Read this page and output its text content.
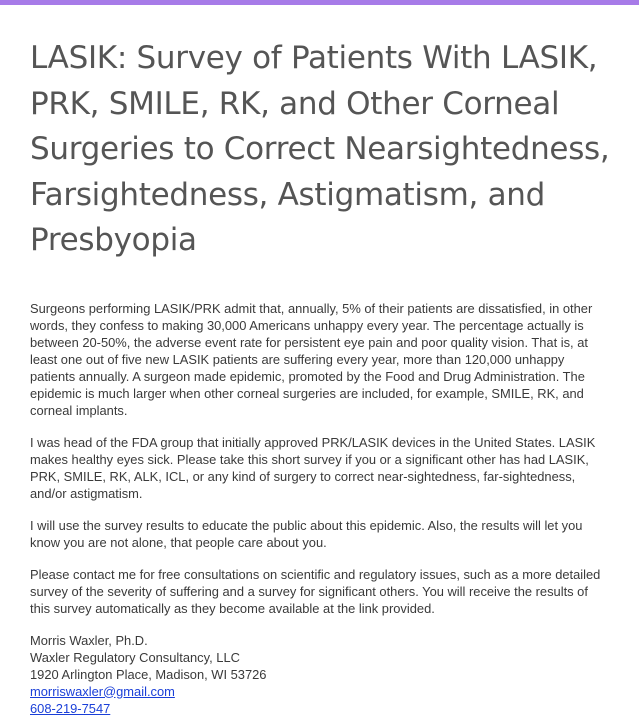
LASIK: Survey of Patients With LASIK, PRK, SMILE, RK, and Other Corneal Surgeries to Correct Nearsightedness, Farsightedness, Astigmatism, and Presbyopia

Surgeons performing LASIK/PRK admit that, annually, 5% of their patients are dissatisfied, in other words, they confess to making 30,000 Americans unhappy every year. The percentage actually is between 20-50%, the adverse event rate for persistent eye pain and poor quality vision. That is, at least one out of five new LASIK patients are suffering every year, more than 120,000 unhappy patients annually. A surgeon made epidemic, promoted by the Food and Drug Administration. The epidemic is much larger when other corneal surgeries are included, for example, SMILE, RK, and corneal implants.

I was head of the FDA group that initially approved PRK/LASIK devices in the United States. LASIK makes healthy eyes sick. Please take this short survey if you or a significant other has had LASIK, PRK, SMILE, RK, ALK, ICL, or any kind of surgery to correct near-sightedness, far-sightedness, and/or astigmatism.

I will use the survey results to educate the public about this epidemic. Also, the results will let you know you are not alone, that people care about you.

Please contact me for free consultations on scientific and regulatory issues, such as a more detailed survey of the severity of suffering and a survey for significant others. You will receive the results of this survey automatically as they become available at the link provided.

Morris Waxler, Ph.D.
Waxler Regulatory Consultancy, LLC
1920 Arlington Place, Madison, WI 53726
morriswaxler@gmail.com
608-219-7547
